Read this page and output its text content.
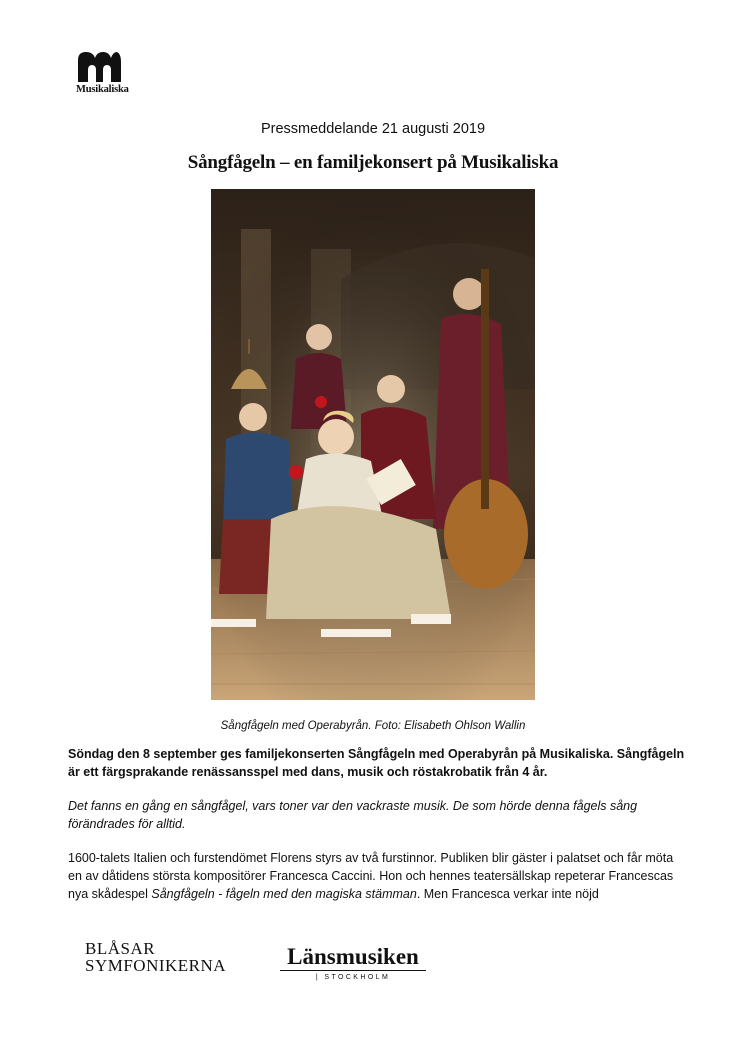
Musikaliska
Pressmeddelande 21 augusti 2019
Sångfågeln – en familjekonsert på Musikaliska
Sångfågeln med Operabyrån. Foto: Elisabeth Ohlson Wallin

Söndag den 8 september ges familjekonserten Sångfågeln med Operabyrån på Musikaliska. Sångfågeln är ett färgsprakande renässansspel med dans, musik och röstakrobatik från 4 år.

Det fanns en gång en sångfågel, vars toner var den vackraste musik. De som hörde denna fågels sång förändrades för alltid.

1600-talets Italien och furstendömet Florens styrs av två furstinnor. Publiken blir gäster i palatset och får möta en av dåtidens största kompositörer Francesca Caccini. Hon och hennes teatersällskap repeterar Francescas nya skådespel Sångfågeln - fågeln med den magiska stämman. Men Francesca verkar inte nöjd

BLÅSAR
SYMFONIKERNA	Länsmusiken
| STOCKHOLM
